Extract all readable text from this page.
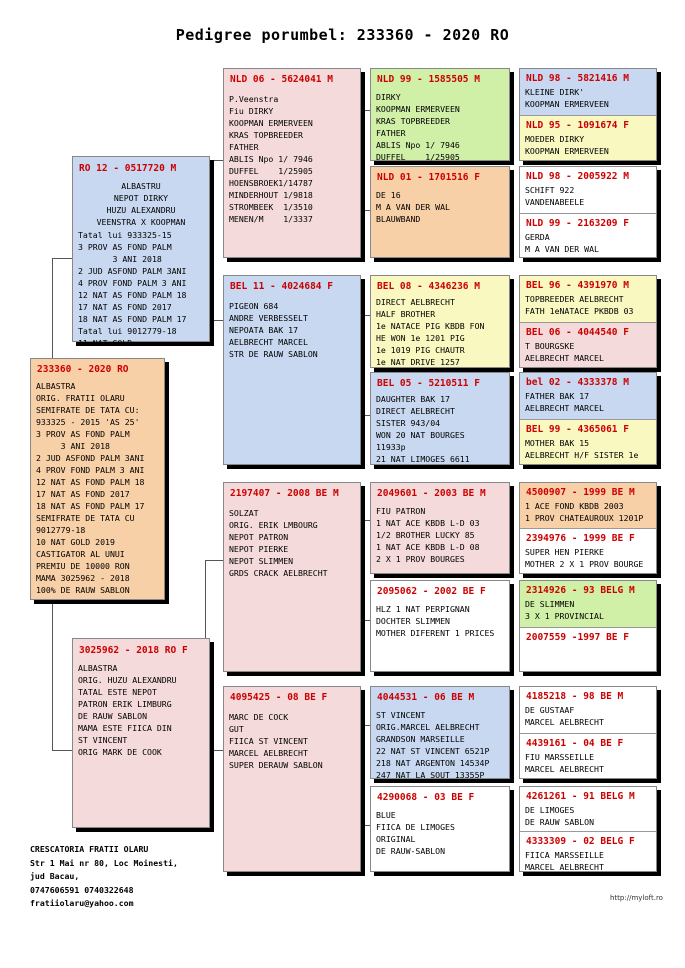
Pedigree porumbel: 233360 - 2020 RO
233360 - 2020 RO
ALBASTRA
ORIG. FRATII OLARU
SEMIFRATE DE TATA CU:
933325 - 2015 'AS 25'
3 PROV AS FOND PALM
3 ANI 2018
2 JUD ASFOND PALM 3ANI
4 PROV FOND PALM 3 ANI
12 NAT AS FOND PALM 18
17 NAT AS FOND 2017
18 NAT AS FOND PALM 17
SEMIFRATE DE TATA CU
9012779-18
10 NAT GOLD 2019
CASTIGATOR AL UNUI
PREMIU DE 10000 RON
MAMA 3025962 - 2018
100% DE RAUW SABLON
RO 12 - 0517720 M
ALBASTRU
NEPOT DIRKY
HUZU ALEXANDRU
VEENSTRA X KOOPMAN
Tatal lui 933325-15
3 PROV AS FOND PALM
3 ANI 2018
2 JUD ASFOND PALM 3ANI
4 PROV FOND PALM 3 ANI
12 NAT AS FOND PALM 18
17 NAT AS FOND 2017
18 NAT AS FOND PALM 17
Tatal lui 9012779-18
11 NAT GOLD
3025962 - 2018 RO F
ALBASTRA
ORIG. HUZU ALEXANDRU
TATAL ESTE NEPOT
PATRON ERIK LIMBURG
DE RAUW SABLON
MAMA ESTE FIICA DIN
ST VINCENT
ORIG MARK DE COOK
NLD 06 - 5624041 M
P.Veenstra
Fiu DIRKY
KOOPMAN ERMERVEEN
KRAS TOPBREEDER
FATHER
ABLIS Npo 1/ 7946
DUFFEL    1/25905
HOENSBROEK1/14787
MINDERHOUT 1/9818
STROMBEEK  1/3510
MENEN/M    1/3337
BEL 11 - 4024684 F
PIGEON 684
ANDRE VERBESSELT
NEPOATA BAK 17
AELBRECHT MARCEL
STR DE RAUW SABLON
2197407 - 2008 BE M
SOLZAT
ORIG. ERIK LMBOURG
NEPOT PATRON
NEPOT PIERKE
NEPOT SLIMMEN
GRDS CRACK AELBRECHT
4095425 - 08 BE F
MARC DE COCK
GUT
FIICA ST VINCENT
MARCEL AELBRECHT
SUPER DERAUW SABLON
NLD 99 - 1585505 M
DIRKY
KOOPMAN ERMERVEEN
KRAS TOPBREEDER
FATHER
ABLIS Npo 1/ 7946
DUFFEL    1/25905
NLD 01 - 1701516 F
DE 16
M A VAN DER WAL
BLAUWBAND
BEL 08 - 4346236 M
DIRECT AELBRECHT
HALF BROTHER
1e NATACE PIG KBDB FON
HE WON 1e 1201 PIG
1e 1019 PIG CHAUTR
1e NAT DRIVE 1257
BEL 05 - 5210511 F
DAUGHTER BAK 17
DIRECT AELBRECHT
SISTER 943/04
WON 20 NAT BOURGES
11933p
21 NAT LIMOGES 6611
2049601 - 2003 BE M
FIU PATRON
1 NAT ACE KBDB L-D 03
1/2 BROTHER LUCKY 85
1 NAT ACE KBDB L-D 08
2 X 1 PROV BOURGES
2095062 - 2002 BE F
HLZ 1 NAT PERPIGNAN
DOCHTER SLIMMEN
MOTHER DIFERENT 1 PRICES
4044531 - 06 BE M
ST VINCENT
ORIG.MARCEL AELBRECHT
GRANDSON MARSEILLE
22 NAT ST VINCENT 6521P
218 NAT ARGENTON 14534P
247 NAT LA SOUT 13355P
4290068 - 03 BE F
BLUE
FIICA DE LIMOGES
ORIGINAL
DE RAUW-SABLON
NLD 98 - 5821416 M
KLEINE DIRK'
KOOPMAN ERMERVEEN
NLD 95 - 1091674 F
MOEDER DIRKY
KOOPMAN ERMERVEEN
NLD 98 - 2005922 M
SCHIFT 922
VANDENABEELE
NLD 99 - 2163209 F
GERDA
M A VAN DER WAL
BEL 96 - 4391970 M
TOPBREEDER AELBRECHT
FATH 1eNATACE PKBDB 03
BEL 06 - 4044540 F
T BOURGSKE
AELBRECHT MARCEL
bel 02 - 4333378 M
FATHER BAK 17
AELBRECHT MARCEL
BEL 99 - 4365061 F
MOTHER BAK 15
AELBRECHT H/F SISTER 1e
4500907 - 1999 BE M
1 ACE FOND KBDB 2003
1 PROV CHATEAUROUX 1201P
2394976 - 1999 BE F
SUPER HEN PIERKE
MOTHER 2 X 1 PROV BOURGE
2314926 - 93 BELG M
DE SLIMMEN
3 X 1 PROVINCIAL
2007559 -1997 BE F
4185218 - 98 BE M
DE GUSTAAF
MARCEL AELBRECHT
4439161 - 04 BE F
FIU MARSSEILLE
MARCEL AELBRECHT
4261261 - 91 BELG M
DE LIMOGES
DE RAUW SABLON
4333309 - 02 BELG F
FIICA MARSSEILLE
MARCEL AELBRECHT
CRESCATORIA FRATII OLARU
Str 1 Mai nr 80, Loc Moinesti,
jud Bacau,
0747606591 0740322648
fratiiolaru@yahoo.com	http://myloft.ro
